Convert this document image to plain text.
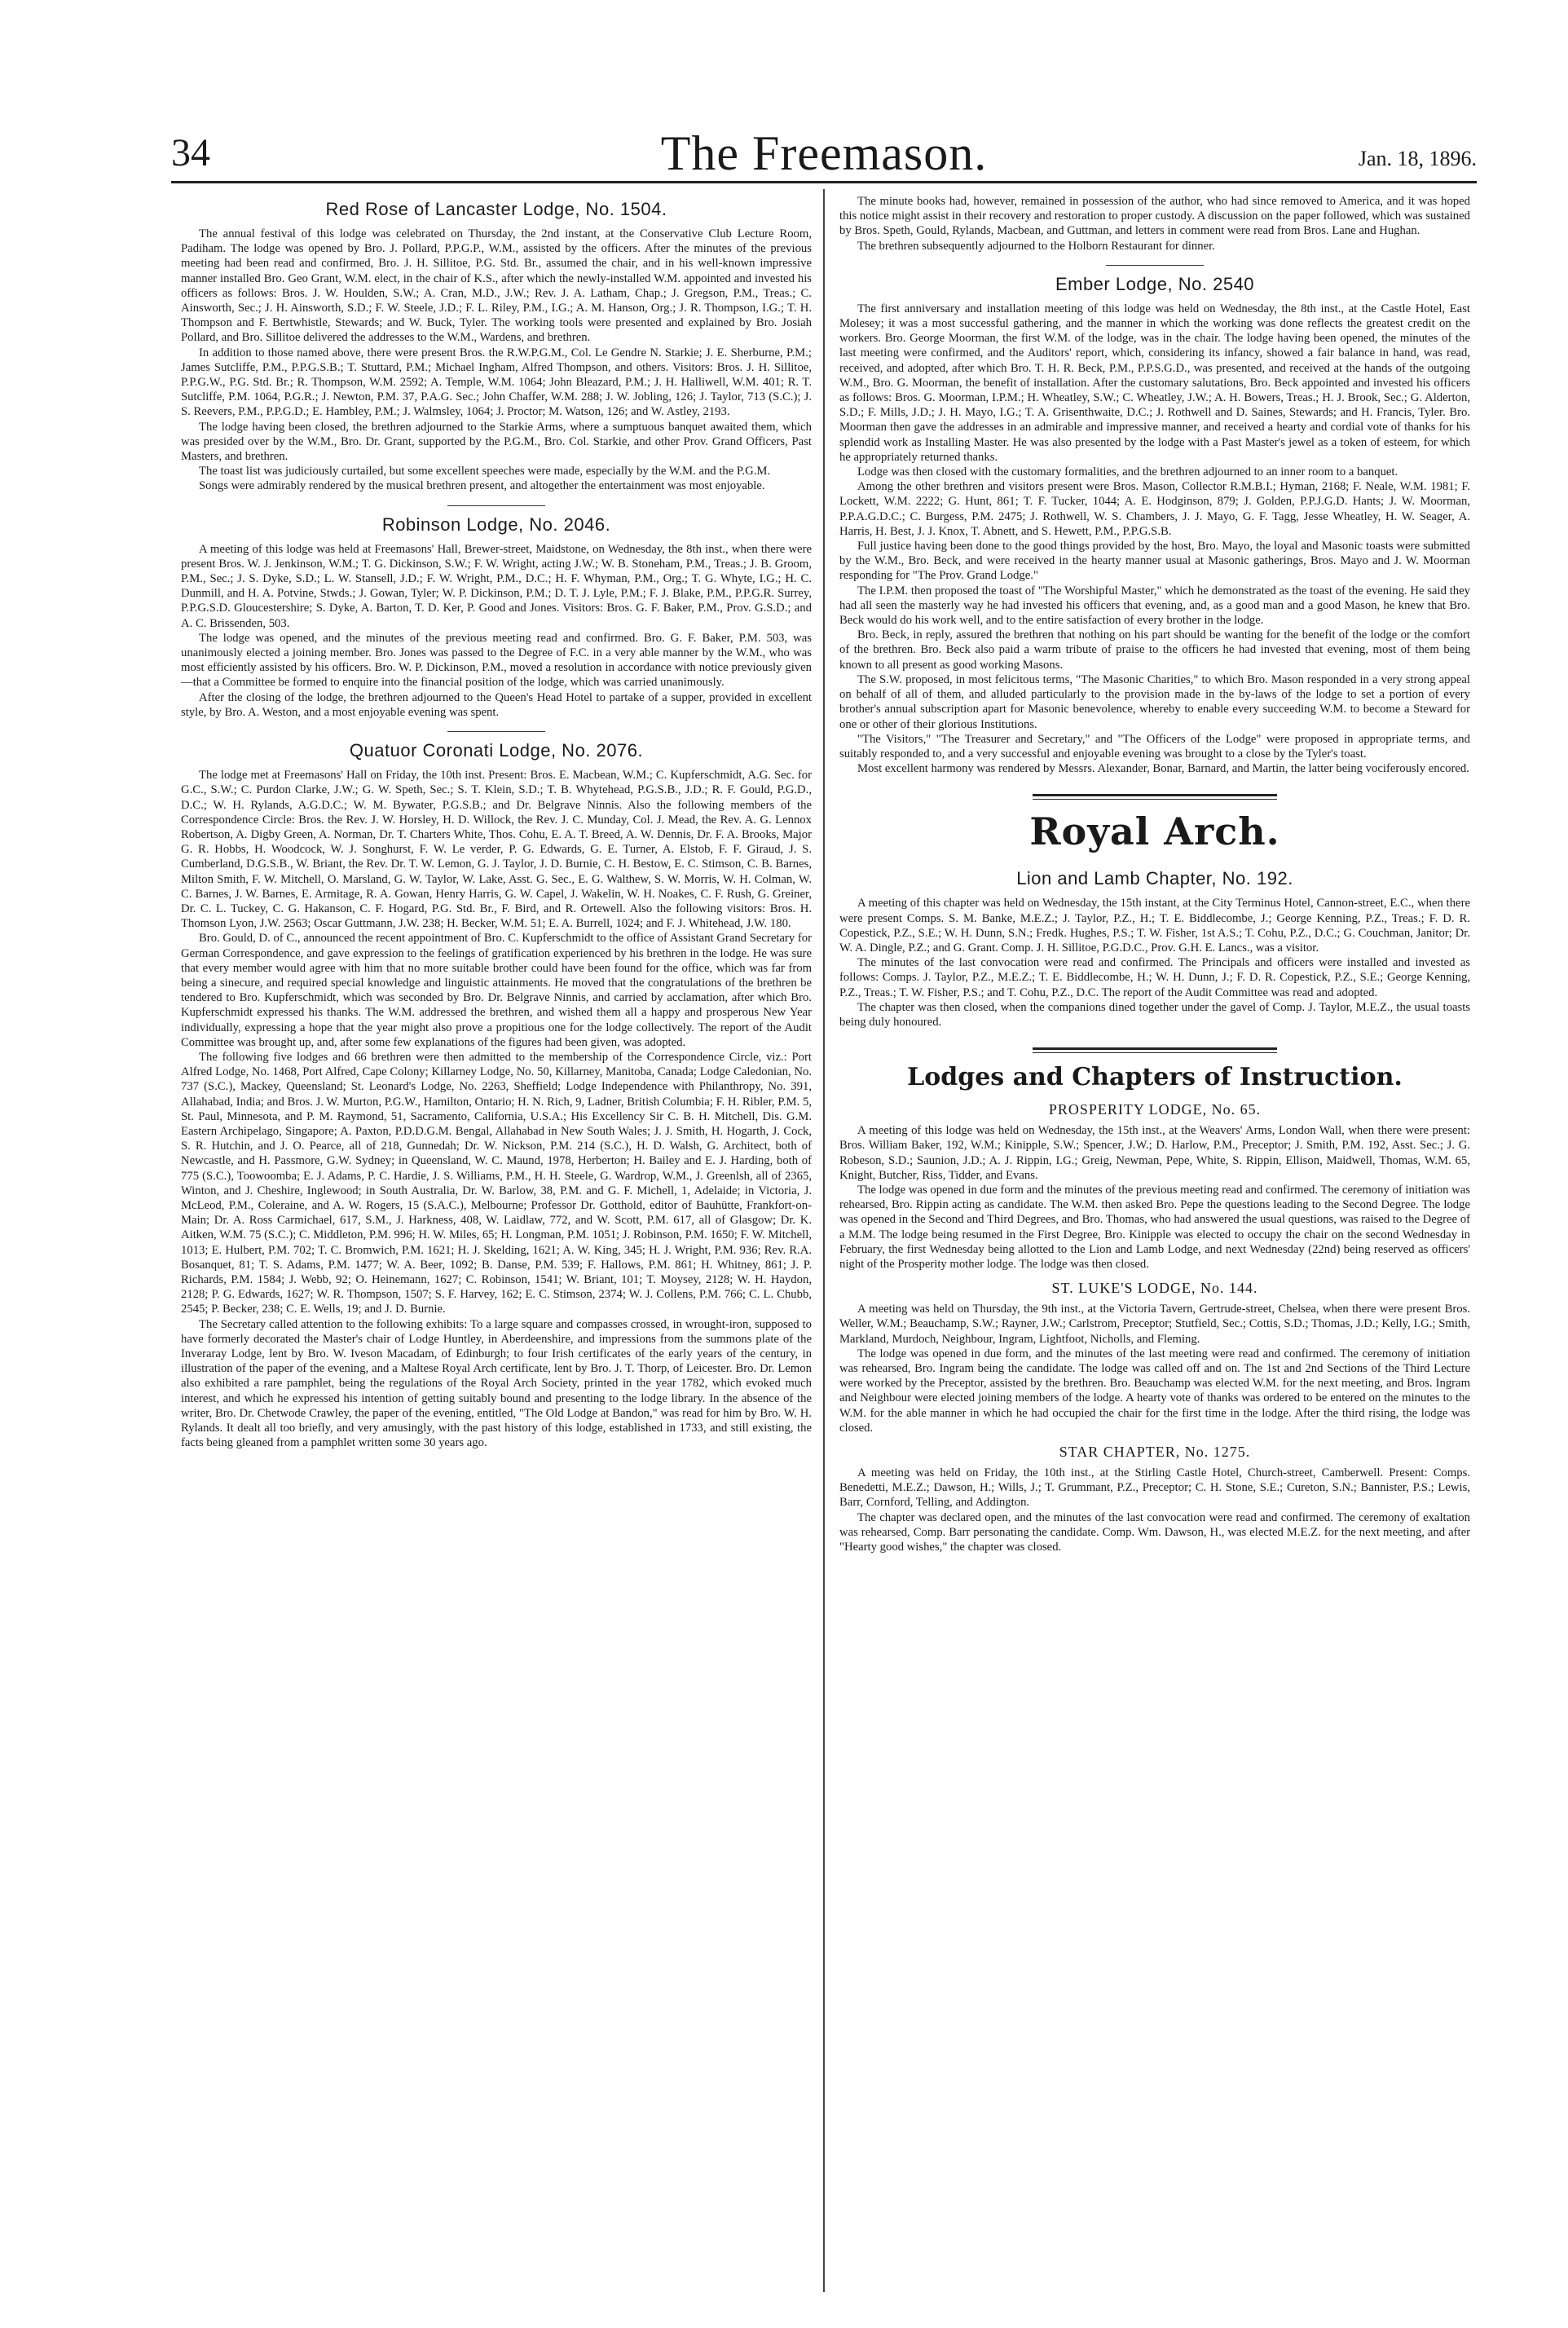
34	The Freemason.	Jan. 18, 1896.
Red Rose of Lancaster Lodge, No. 1504.

The annual festival of this lodge was celebrated on Thursday, the 2nd instant, at the Conservative Club Lecture Room, Padiham. The lodge was opened by Bro. J. Pollard, P.P.G.P., W.M., assisted by the officers. After the minutes of the previous meeting had been read and confirmed, Bro. J. H. Sillitoe, P.G. Std. Br., assumed the chair, and in his well-known impressive manner installed Bro. Geo Grant, W.M. elect, in the chair of K.S., after which the newly-installed W.M. appointed and invested his officers as follows: Bros. J. W. Houlden, S.W.; A. Cran, M.D., J.W.; Rev. J. A. Latham, Chap.; J. Gregson, P.M., Treas.; C. Ainsworth, Sec.; J. H. Ainsworth, S.D.; F. W. Steele, J.D.; F. L. Riley, P.M., I.G.; A. M. Hanson, Org.; J. R. Thompson, I.G.; T. H. Thompson and F. Bertwhistle, Stewards; and W. Buck, Tyler. The working tools were presented and explained by Bro. Josiah Pollard, and Bro. Sillitoe delivered the addresses to the W.M., Wardens, and brethren.

In addition to those named above, there were present Bros. the R.W.P.G.M., Col. Le Gendre N. Starkie; J. E. Sherburne, P.M.; James Sutcliffe, P.M., P.P.G.S.B.; T. Stuttard, P.M.; Michael Ingham, Alfred Thompson, and others. Visitors: Bros. J. H. Sillitoe, P.P.G.W., P.G. Std. Br.; R. Thompson, W.M. 2592; A. Temple, W.M. 1064; John Bleazard, P.M.; J. H. Halliwell, W.M. 401; R. T. Sutcliffe, P.M. 1064, P.G.R.; J. Newton, P.M. 37, P.A.G. Sec.; John Chaffer, W.M. 288; J. W. Jobling, 126; J. Taylor, 713 (S.C.); J. S. Reevers, P.M., P.P.G.D.; E. Hambley, P.M.; J. Walmsley, 1064; J. Proctor; M. Watson, 126; and W. Astley, 2193.

The lodge having been closed, the brethren adjourned to the Starkie Arms, where a sumptuous banquet awaited them, which was presided over by the W.M., Bro. Dr. Grant, supported by the P.G.M., Bro. Col. Starkie, and other Prov. Grand Officers, Past Masters, and brethren.

The toast list was judiciously curtailed, but some excellent speeches were made, especially by the W.M. and the P.G.M.

Songs were admirably rendered by the musical brethren present, and altogether the entertainment was most enjoyable.

Robinson Lodge, No. 2046.

A meeting of this lodge was held at Freemasons' Hall, Brewer-street, Maidstone, on Wednesday, the 8th inst., when there were present Bros. W. J. Jenkinson, W.M.; T. G. Dickinson, S.W.; F. W. Wright, acting J.W.; W. B. Stoneham, P.M., Treas.; J. B. Groom, P.M., Sec.; J. S. Dyke, S.D.; L. W. Stansell, J.D.; F. W. Wright, P.M., D.C.; H. F. Whyman, P.M., Org.; T. G. Whyte, I.G.; H. C. Dunmill, and H. A. Potvine, Stwds.; J. Gowan, Tyler; W. P. Dickinson, P.M.; D. T. J. Lyle, P.M.; F. J. Blake, P.M., P.P.G.R. Surrey, P.P.G.S.D. Gloucestershire; S. Dyke, A. Barton, T. D. Ker, P. Good and Jones. Visitors: Bros. G. F. Baker, P.M., Prov. G.S.D.; and A. C. Brissenden, 503.

The lodge was opened, and the minutes of the previous meeting read and confirmed. Bro. G. F. Baker, P.M. 503, was unanimously elected a joining member. Bro. Jones was passed to the Degree of F.C. in a very able manner by the W.M., who was most efficiently assisted by his officers. Bro. W. P. Dickinson, P.M., moved a resolution in accordance with notice previously given—that a Committee be formed to enquire into the financial position of the lodge, which was carried unanimously.

After the closing of the lodge, the brethren adjourned to the Queen's Head Hotel to partake of a supper, provided in excellent style, by Bro. A. Weston, and a most enjoyable evening was spent.

Quatuor Coronati Lodge, No. 2076.

The lodge met at Freemasons' Hall on Friday, the 10th inst. Present: Bros. E. Macbean, W.M.; C. Kupferschmidt, A.G. Sec. for G.C., S.W.; C. Purdon Clarke, J.W.; G. W. Speth, Sec.; S. T. Klein, S.D.; T. B. Whytehead, P.G.S.B., J.D.; R. F. Gould, P.G.D., D.C.; W. H. Rylands, A.G.D.C.; W. M. Bywater, P.G.S.B.; and Dr. Belgrave Ninnis. Also the following members of the Correspondence Circle: Bros. the Rev. J. W. Horsley, H. D. Willock, the Rev. J. C. Munday, Col. J. Mead, the Rev. A. G. Lennox Robertson, A. Digby Green, A. Norman, Dr. T. Charters White, Thos. Cohu, E. A. T. Breed, A. W. Dennis, Dr. F. A. Brooks, Major G. R. Hobbs, H. Woodcock, W. J. Songhurst, F. W. Le verder, P. G. Edwards, G. E. Turner, A. Elstob, F. F. Giraud, J. S. Cumberland, D.G.S.B., W. Briant, the Rev. Dr. T. W. Lemon, G. J. Taylor, J. D. Burnie, C. H. Bestow, E. C. Stimson, C. B. Barnes, Milton Smith, F. W. Mitchell, O. Marsland, G. W. Taylor, W. Lake, Asst. G. Sec., E. G. Walthew, S. W. Morris, W. H. Colman, W. C. Barnes, J. W. Barnes, E. Armitage, R. A. Gowan, Henry Harris, G. W. Capel, J. Wakelin, W. H. Noakes, C. F. Rush, G. Greiner, Dr. C. L. Tuckey, C. G. Hakanson, C. F. Hogard, P.G. Std. Br., F. Bird, and R. Ortewell. Also the following visitors: Bros. H. Thomson Lyon, J.W. 2563; Oscar Guttmann, J.W. 238; H. Becker, W.M. 51; E. A. Burrell, 1024; and F. J. Whitehead, J.W. 180.

Bro. Gould, D. of C., announced the recent appointment of Bro. C. Kupferschmidt to the office of Assistant Grand Secretary for German Correspondence, and gave expression to the feelings of gratification experienced by his brethren in the lodge. He was sure that every member would agree with him that no more suitable brother could have been found for the office, which was far from being a sinecure, and required special knowledge and linguistic attainments. He moved that the congratulations of the brethren be tendered to Bro. Kupferschmidt, which was seconded by Bro. Dr. Belgrave Ninnis, and carried by acclamation, after which Bro. Kupferschmidt expressed his thanks. The W.M. addressed the brethren, and wished them all a happy and prosperous New Year individually, expressing a hope that the year might also prove a propitious one for the lodge collectively. The report of the Audit Committee was brought up, and, after some few explanations of the figures had been given, was adopted.

The following five lodges and 66 brethren were then admitted to the membership of the Correspondence Circle, viz.: Port Alfred Lodge, No. 1468, Port Alfred, Cape Colony; Killarney Lodge, No. 50, Killarney, Manitoba, Canada; Lodge Caledonian, No. 737 (S.C.), Mackey, Queensland; St. Leonard's Lodge, No. 2263, Sheffield; Lodge Independence with Philanthropy, No. 391, Allahabad, India; and Bros. J. W. Murton, P.G.W., Hamilton, Ontario; H. N. Rich, 9, Ladner, British Columbia; F. H. Ribler, P.M. 5, St. Paul, Minnesota, and P. M. Raymond, 51, Sacramento, California, U.S.A.; His Excellency Sir C. B. H. Mitchell, Dis. G.M. Eastern Archipelago, Singapore; A. Paxton, P.D.D.G.M. Bengal, Allahabad in New South Wales; J. J. Smith, H. Hogarth, J. Cock, S. R. Hutchin, and J. O. Pearce, all of 218, Gunnedah; Dr. W. Nickson, P.M. 214 (S.C.), H. D. Walsh, G. Architect, both of Newcastle, and H. Passmore, G.W. Sydney; in Queensland, W. C. Maund, 1978, Herberton; H. Bailey and E. J. Harding, both of 775 (S.C.), Toowoomba; E. J. Adams, P. C. Hardie, J. S. Williams, P.M., H. H. Steele, G. Wardrop, W.M., J. Greenlsh, all of 2365, Winton, and J. Cheshire, Inglewood; in South Australia, Dr. W. Barlow, 38, P.M. and G. F. Michell, 1, Adelaide; in Victoria, J. McLeod, P.M., Coleraine, and A. W. Rogers, 15 (S.A.C.), Melbourne; Professor Dr. Gotthold, editor of Bauhütte, Frankfort-on-Main; Dr. A. Ross Carmichael, 617, S.M., J. Harkness, 408, W. Laidlaw, 772, and W. Scott, P.M. 617, all of Glasgow; Dr. K. Aitken, W.M. 75 (S.C.); C. Middleton, P.M. 996; H. W. Miles, 65; H. Longman, P.M. 1051; J. Robinson, P.M. 1650; F. W. Mitchell, 1013; E. Hulbert, P.M. 702; T. C. Bromwich, P.M. 1621; H. J. Skelding, 1621; A. W. King, 345; H. J. Wright, P.M. 936; Rev. R.A. Bosanquet, 81; T. S. Adams, P.M. 1477; W. A. Beer, 1092; B. Danse, P.M. 539; F. Hallows, P.M. 861; H. Whitney, 861; J. P. Richards, P.M. 1584; J. Webb, 92; O. Heinemann, 1627; C. Robinson, 1541; W. Briant, 101; T. Moysey, 2128; W. H. Haydon, 2128; P. G. Edwards, 1627; W. R. Thompson, 1507; S. F. Harvey, 162; E. C. Stimson, 2374; W. J. Collens, P.M. 766; C. L. Chubb, 2545; P. Becker, 238; C. E. Wells, 19; and J. D. Burnie.

The Secretary called attention to the following exhibits: To a large square and compasses crossed, in wrought-iron, supposed to have formerly decorated the Master's chair of Lodge Huntley, in Aberdeenshire, and impressions from the summons plate of the Inveraray Lodge, lent by Bro. W. Iveson Macadam, of Edinburgh; to four Irish certificates of the early years of the century, in illustration of the paper of the evening, and a Maltese Royal Arch certificate, lent by Bro. J. T. Thorp, of Leicester. Bro. Dr. Lemon also exhibited a rare pamphlet, being the regulations of the Royal Arch Society, printed in the year 1782, which evoked much interest, and which he expressed his intention of getting suitably bound and presenting to the lodge library. In the absence of the writer, Bro. Dr. Chetwode Crawley, the paper of the evening, entitled, "The Old Lodge at Bandon," was read for him by Bro. W. H. Rylands. It dealt all too briefly, and very amusingly, with the past history of this lodge, established in 1733, and still existing, the facts being gleaned from a pamphlet written some 30 years ago.

The minute books had, however, remained in possession of the author, who had since removed to America, and it was hoped this notice might assist in their recovery and restoration to proper custody. A discussion on the paper followed, which was sustained by Bros. Speth, Gould, Rylands, Macbean, and Guttman, and letters in comment were read from Bros. Lane and Hughan.

The brethren subsequently adjourned to the Holborn Restaurant for dinner.

Ember Lodge, No. 2540

The first anniversary and installation meeting of this lodge was held on Wednesday, the 8th inst., at the Castle Hotel, East Molesey; it was a most successful gathering, and the manner in which the working was done reflects the greatest credit on the workers. Bro. George Moorman, the first W.M. of the lodge, was in the chair. The lodge having been opened, the minutes of the last meeting were confirmed, and the Auditors' report, which, considering its infancy, showed a fair balance in hand, was read, received, and adopted, after which Bro. T. H. R. Beck, P.M., P.P.S.G.D., was presented, and received at the hands of the outgoing W.M., Bro. G. Moorman, the benefit of installation. After the customary salutations, Bro. Beck appointed and invested his officers as follows: Bros. G. Moorman, I.P.M.; H. Wheatley, S.W.; C. Wheatley, J.W.; A. H. Bowers, Treas.; H. J. Brook, Sec.; G. Alderton, S.D.; F. Mills, J.D.; J. H. Mayo, I.G.; T. A. Grisenthwaite, D.C.; J. Rothwell and D. Saines, Stewards; and H. Francis, Tyler. Bro. Moorman then gave the addresses in an admirable and impressive manner, and received a hearty and cordial vote of thanks for his splendid work as Installing Master. He was also presented by the lodge with a Past Master's jewel as a token of esteem, for which he appropriately returned thanks.

Lodge was then closed with the customary formalities, and the brethren adjourned to an inner room to a banquet.

Among the other brethren and visitors present were Bros. Mason, Collector R.M.B.I.; Hyman, 2168; F. Neale, W.M. 1981; F. Lockett, W.M. 2222; G. Hunt, 861; T. F. Tucker, 1044; A. E. Hodginson, 879; J. Golden, P.P.J.G.D. Hants; J. W. Moorman, P.P.A.G.D.C.; C. Burgess, P.M. 2475; J. Rothwell, W. S. Chambers, J. J. Mayo, G. F. Tagg, Jesse Wheatley, H. W. Seager, A. Harris, H. Best, J. J. Knox, T. Abnett, and S. Hewett, P.M., P.P.G.S.B.

Full justice having been done to the good things provided by the host, Bro. Mayo, the loyal and Masonic toasts were submitted by the W.M., Bro. Beck, and were received in the hearty manner usual at Masonic gatherings, Bros. Mayo and J. W. Moorman responding for "The Prov. Grand Lodge."

The I.P.M. then proposed the toast of "The Worshipful Master," which he demonstrated as the toast of the evening. He said they had all seen the masterly way he had invested his officers that evening, and, as a good man and a good Mason, he knew that Bro. Beck would do his work well, and to the entire satisfaction of every brother in the lodge.

Bro. Beck, in reply, assured the brethren that nothing on his part should be wanting for the benefit of the lodge or the comfort of the brethren. Bro. Beck also paid a warm tribute of praise to the officers he had invested that evening, most of them being known to all present as good working Masons.

The S.W. proposed, in most felicitous terms, "The Masonic Charities," to which Bro. Mason responded in a very strong appeal on behalf of all of them, and alluded particularly to the provision made in the by-laws of the lodge to set a portion of every brother's annual subscription apart for Masonic benevolence, whereby to enable every succeeding W.M. to become a Steward for one or other of their glorious Institutions.

"The Visitors," "The Treasurer and Secretary," and "The Officers of the Lodge" were proposed in appropriate terms, and suitably responded to, and a very successful and enjoyable evening was brought to a close by the Tyler's toast.

Most excellent harmony was rendered by Messrs. Alexander, Bonar, Barnard, and Martin, the latter being vociferously encored.

Royal Arch.
Lion and Lamb Chapter, No. 192.

A meeting of this chapter was held on Wednesday, the 15th instant, at the City Terminus Hotel, Cannon-street, E.C., when there were present Comps. S. M. Banke, M.E.Z.; J. Taylor, P.Z., H.; T. E. Biddlecombe, J.; George Kenning, P.Z., Treas.; F. D. R. Copestick, P.Z., S.E.; W. H. Dunn, S.N.; Fredk. Hughes, P.S.; T. W. Fisher, 1st A.S.; T. Cohu, P.Z., D.C.; G. Couchman, Janitor; Dr. W. A. Dingle, P.Z.; and G. Grant. Comp. J. H. Sillitoe, P.G.D.C., Prov. G.H. E. Lancs., was a visitor.

The minutes of the last convocation were read and confirmed. The Principals and officers were installed and invested as follows: Comps. J. Taylor, P.Z., M.E.Z.; T. E. Biddlecombe, H.; W. H. Dunn, J.; F. D. R. Copestick, P.Z., S.E.; George Kenning, P.Z., Treas.; T. W. Fisher, P.S.; and T. Cohu, P.Z., D.C. The report of the Audit Committee was read and adopted.

The chapter was then closed, when the companions dined together under the gavel of Comp. J. Taylor, M.E.Z., the usual toasts being duly honoured.

Lodges and Chapters of Instruction.
PROSPERITY LODGE, No. 65.

A meeting of this lodge was held on Wednesday, the 15th inst., at the Weavers' Arms, London Wall, when there were present: Bros. William Baker, 192, W.M.; Kinipple, S.W.; Spencer, J.W.; D. Harlow, P.M., Preceptor; J. Smith, P.M. 192, Asst. Sec.; J. G. Robeson, S.D.; Saunion, J.D.; A. J. Rippin, I.G.; Greig, Newman, Pepe, White, S. Rippin, Ellison, Maidwell, Thomas, W.M. 65, Knight, Butcher, Riss, Tidder, and Evans.

The lodge was opened in due form and the minutes of the previous meeting read and confirmed. The ceremony of initiation was rehearsed, Bro. Rippin acting as candidate. The W.M. then asked Bro. Pepe the questions leading to the Second Degree. The lodge was opened in the Second and Third Degrees, and Bro. Thomas, who had answered the usual questions, was raised to the Degree of a M.M. The lodge being resumed in the First Degree, Bro. Kinipple was elected to occupy the chair on the second Wednesday in February, the first Wednesday being allotted to the Lion and Lamb Lodge, and next Wednesday (22nd) being reserved as officers' night of the Prosperity mother lodge. The lodge was then closed.

ST. LUKE'S LODGE, No. 144.

A meeting was held on Thursday, the 9th inst., at the Victoria Tavern, Gertrude-street, Chelsea, when there were present Bros. Weller, W.M.; Beauchamp, S.W.; Rayner, J.W.; Carlstrom, Preceptor; Stutfield, Sec.; Cottis, S.D.; Thomas, J.D.; Kelly, I.G.; Smith, Markland, Murdoch, Neighbour, Ingram, Lightfoot, Nicholls, and Fleming.

The lodge was opened in due form, and the minutes of the last meeting were read and confirmed. The ceremony of initiation was rehearsed, Bro. Ingram being the candidate. The lodge was called off and on. The 1st and 2nd Sections of the Third Lecture were worked by the Preceptor, assisted by the brethren. Bro. Beauchamp was elected W.M. for the next meeting, and Bros. Ingram and Neighbour were elected joining members of the lodge. A hearty vote of thanks was ordered to be entered on the minutes to the W.M. for the able manner in which he had occupied the chair for the first time in the lodge. After the third rising, the lodge was closed.

STAR CHAPTER, No. 1275.

A meeting was held on Friday, the 10th inst., at the Stirling Castle Hotel, Church-street, Camberwell. Present: Comps. Benedetti, M.E.Z.; Dawson, H.; Wills, J.; T. Grummant, P.Z., Preceptor; C. H. Stone, S.E.; Cureton, S.N.; Bannister, P.S.; Lewis, Barr, Cornford, Telling, and Addington.

The chapter was declared open, and the minutes of the last convocation were read and confirmed. The ceremony of exaltation was rehearsed, Comp. Barr personating the candidate. Comp. Wm. Dawson, H., was elected M.E.Z. for the next meeting, and after "Hearty good wishes," the chapter was closed.
